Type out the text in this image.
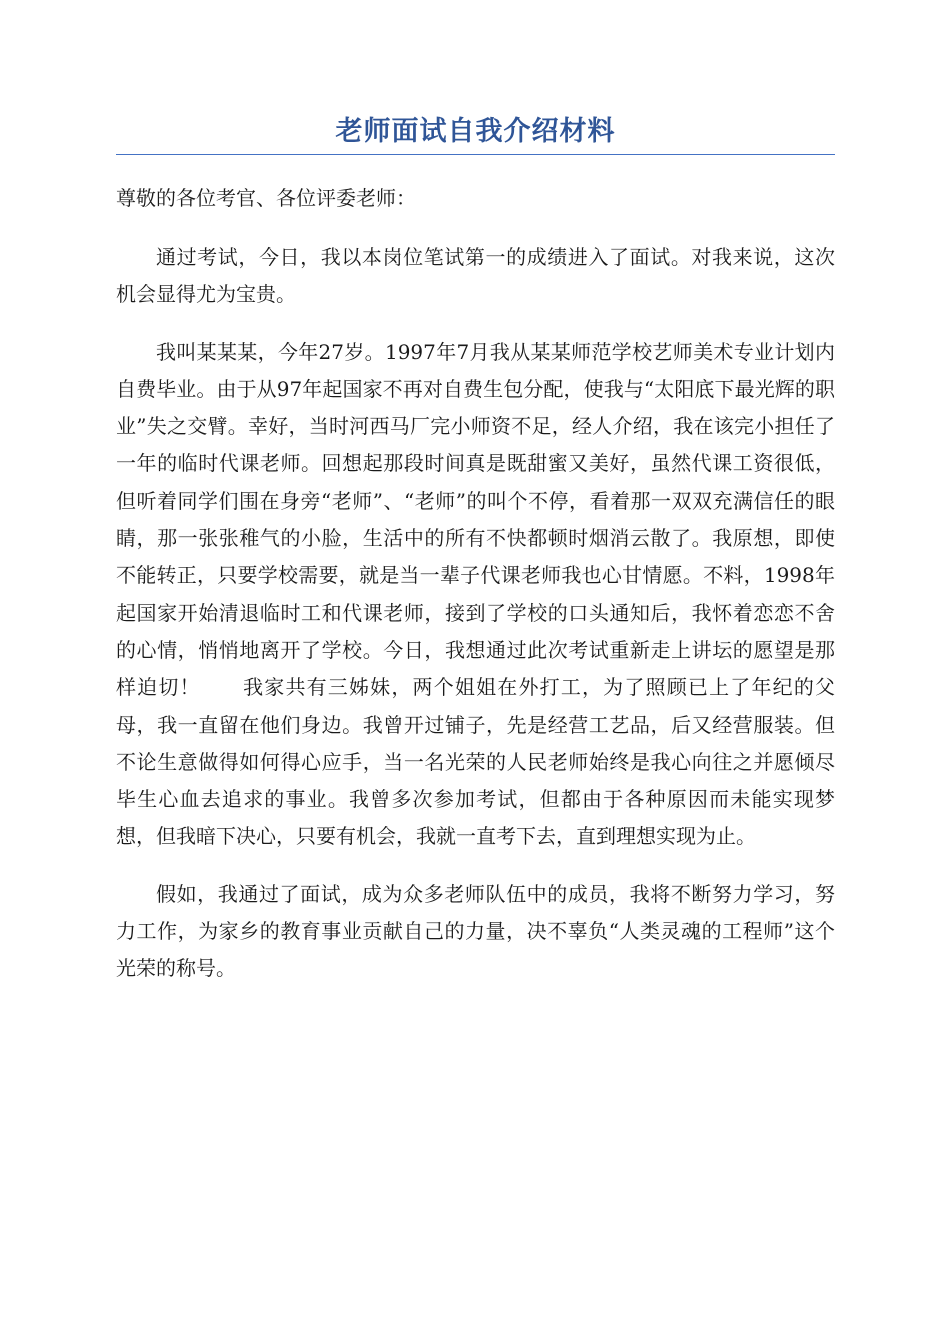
老师面试自我介绍材料

尊敬的各位考官、各位评委老师：

通过考试，今日，我以本岗位笔试第一的成绩进入了面试。对我来说，这次机会显得尤为宝贵。

我叫某某某，今年27岁。1997年7月我从某某师范学校艺师美术专业计划内自费毕业。由于从97年起国家不再对自费生包分配，使我与“太阳底下最光辉的职业”失之交臂。幸好，当时河西马厂完小师资不足，经人介绍，我在该完小担任了一年的临时代课老师。回想起那段时间真是既甜蜜又美好，虽然代课工资很低，但听着同学们围在身旁“老师”、“老师”的叫个不停，看着那一双双充满信任的眼睛，那一张张稚气的小脸，生活中的所有不快都顿时烟消云散了。我原想，即使不能转正，只要学校需要，就是当一辈子代课老师我也心甘情愿。不料，1998年起国家开始清退临时工和代课老师，接到了学校的口头通知后，我怀着恋恋不舍的心情，悄悄地离开了学校。今日，我想通过此次考试重新走上讲坛的愿望是那样迫切！　　我家共有三姊妹，两个姐姐在外打工，为了照顾已上了年纪的父母，我一直留在他们身边。我曾开过铺子，先是经营工艺品，后又经营服装。但不论生意做得如何得心应手，当一名光荣的人民老师始终是我心向往之并愿倾尽毕生心血去追求的事业。我曾多次参加考试，但都由于各种原因而未能实现梦想，但我暗下决心，只要有机会，我就一直考下去，直到理想实现为止。

假如，我通过了面试，成为众多老师队伍中的成员，我将不断努力学习，努力工作，为家乡的教育事业贡献自己的力量，决不辜负“人类灵魂的工程师”这个光荣的称号。
